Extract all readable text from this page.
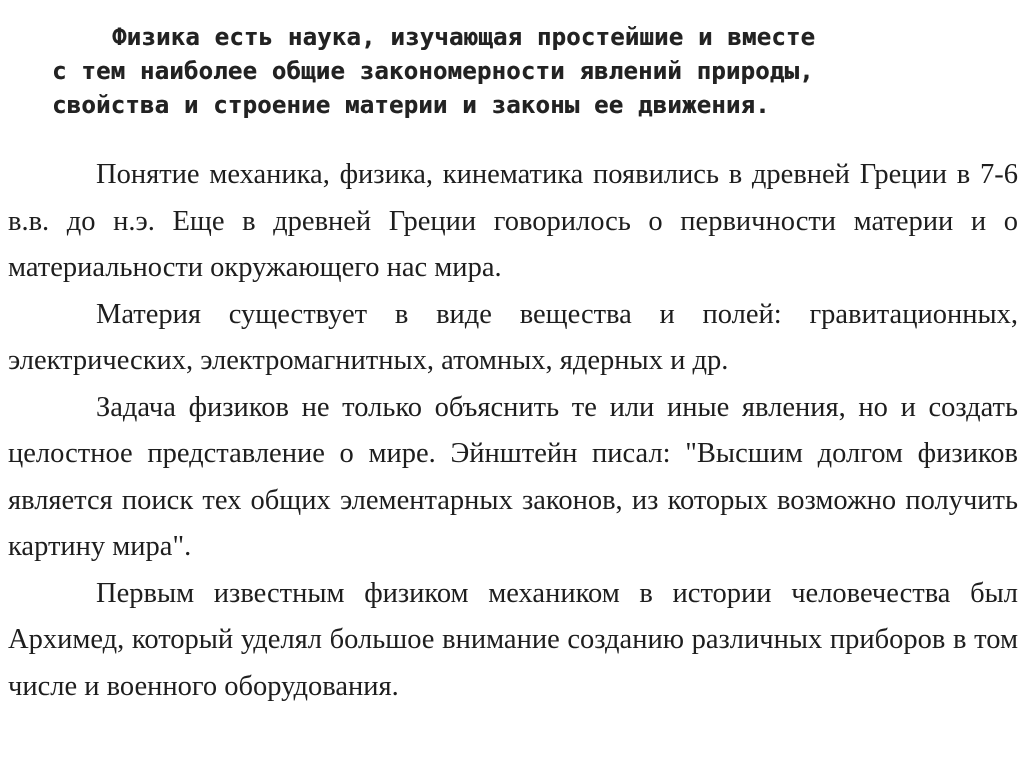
Физика есть наука, изучающая простейшие и вместе
с тем наиболее общие закономерности явлений природы,
свойства и строение материи и законы ее движения.

Понятие механика, физика, кинематика появились в древней Греции в 7-6 в.в. до н.э. Еще в древней Греции говорилось о первичности материи и о материальности окружающего нас мира.

Материя существует в виде вещества и полей: гравитационных, электрических, электромагнитных, атомных, ядерных и др.

Задача физиков не только объяснить те или иные явления, но и создать целостное представление о мире. Эйнштейн писал: "Высшим долгом физиков является поиск тех общих элементарных законов, из которых возможно получить картину мира".

Первым известным физиком механиком в истории человечества был Архимед, который уделял большое внимание созданию различных приборов в том числе и военного оборудования.
